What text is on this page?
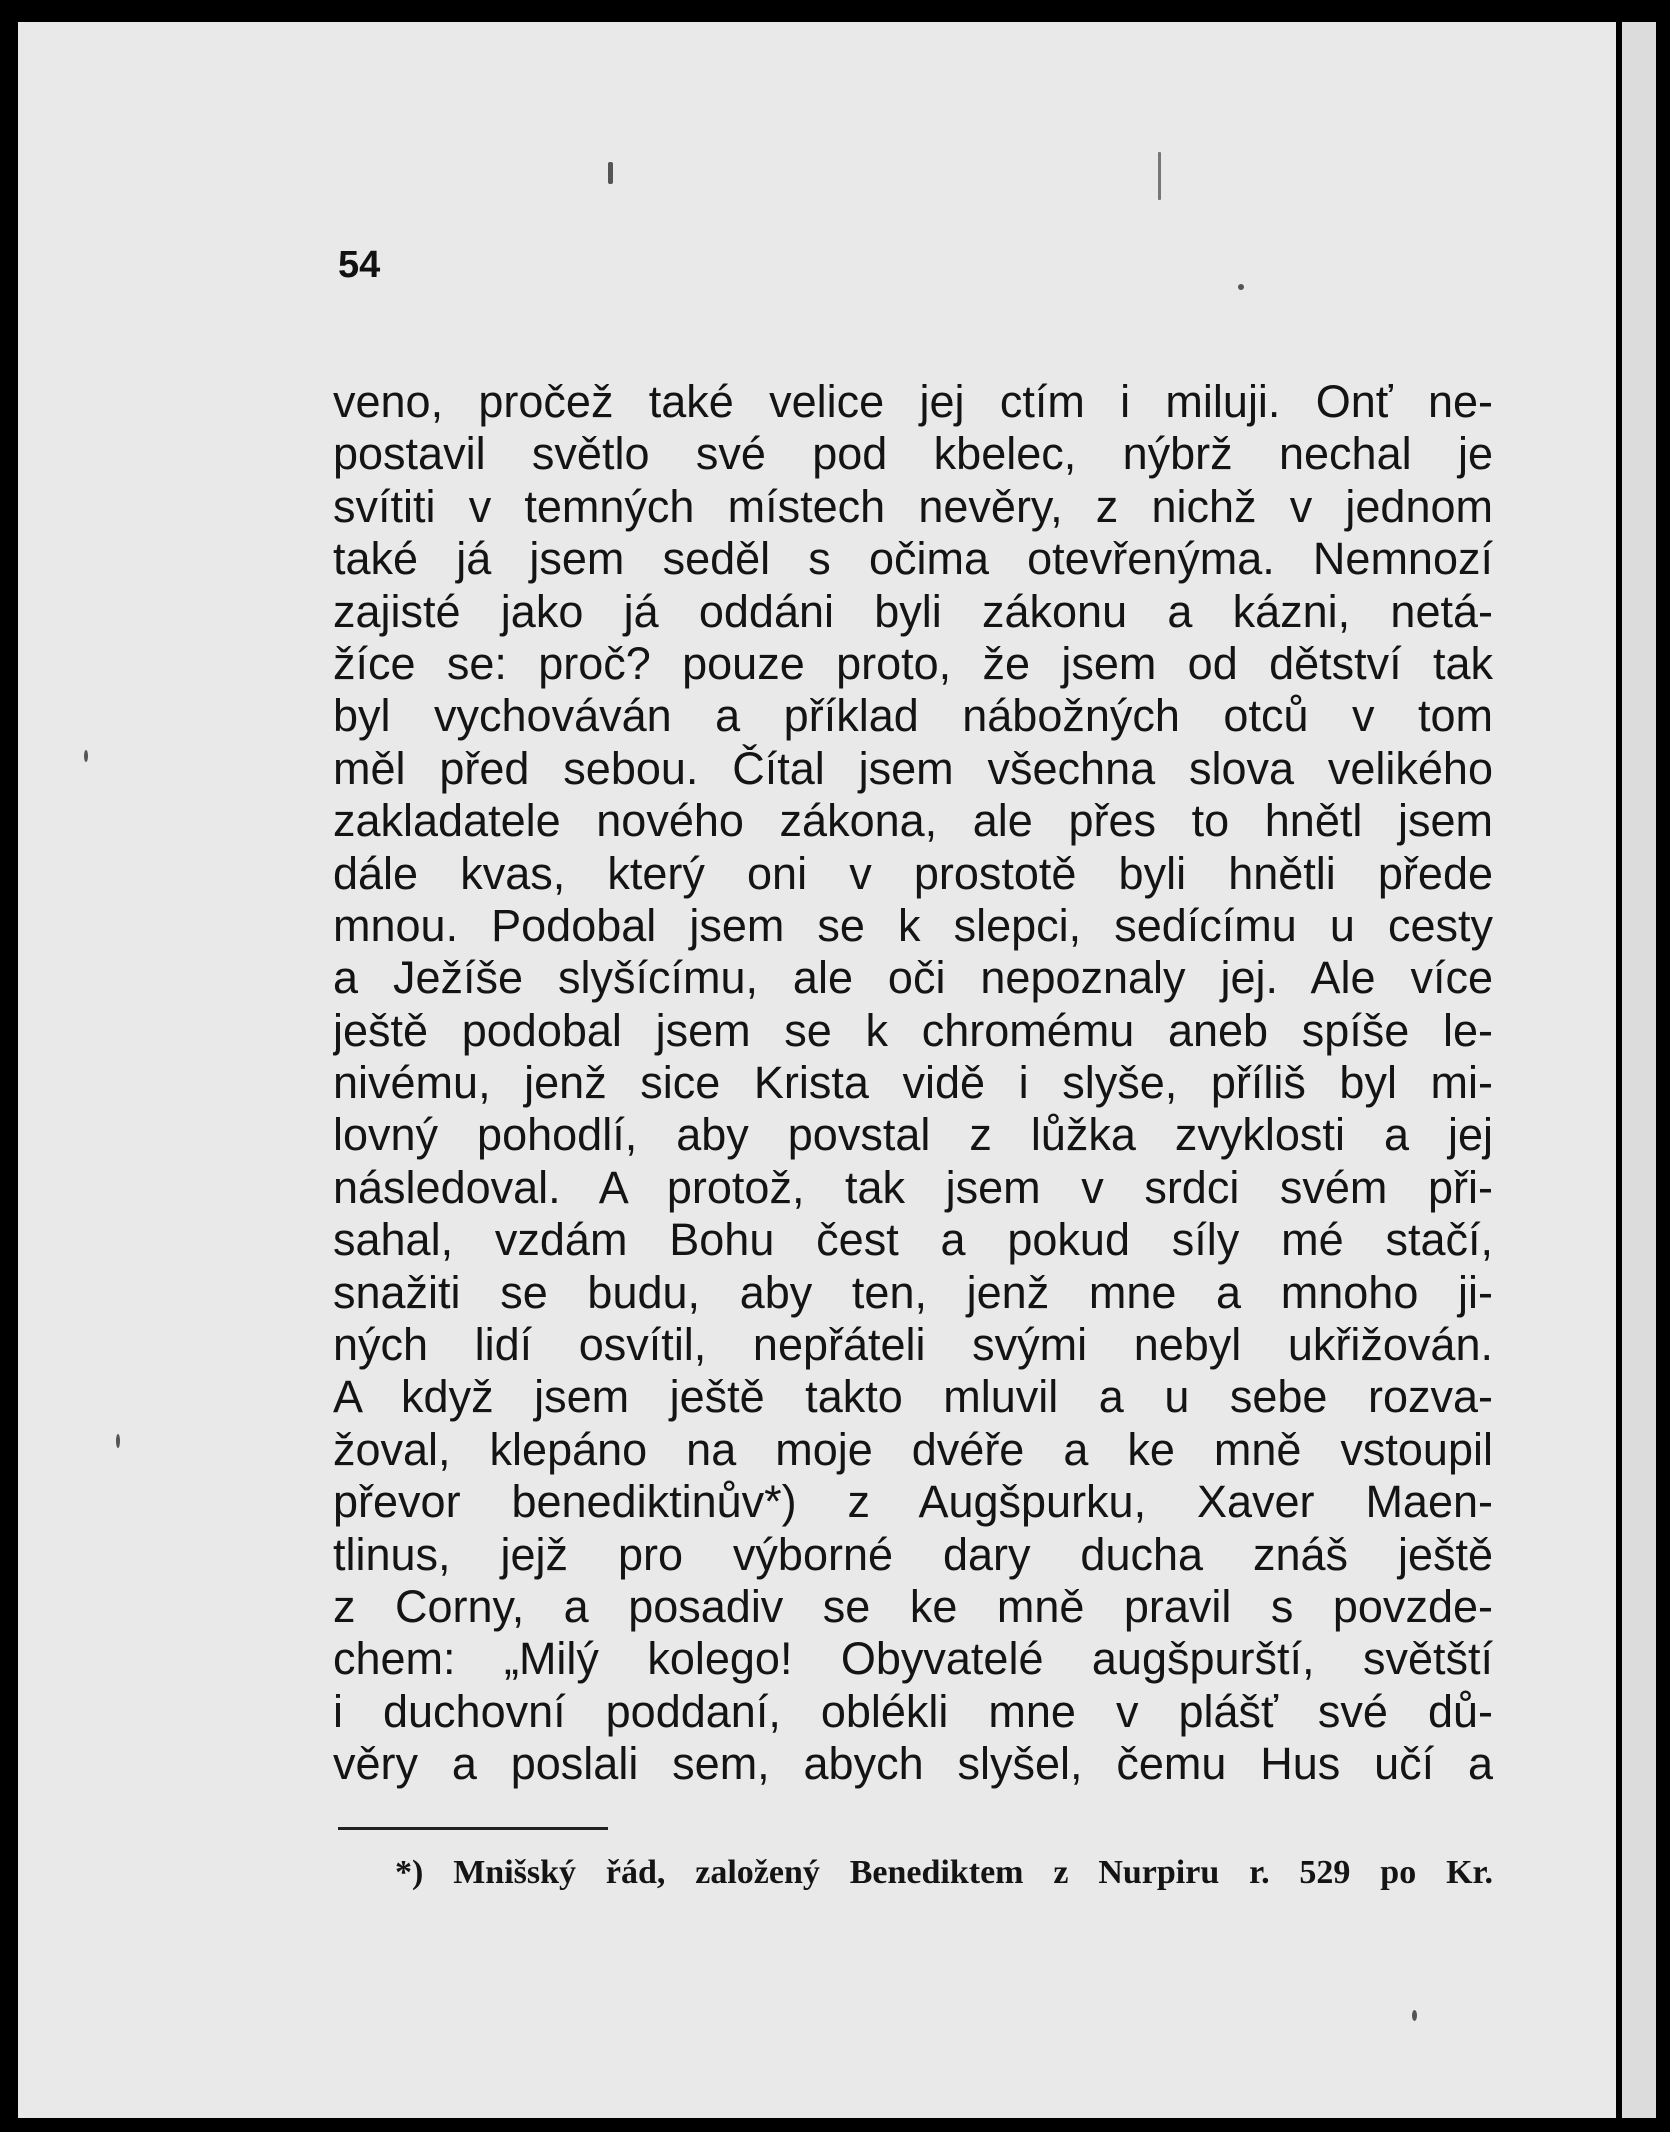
54

veno, pročež také velice jej ctím i miluji. Onť ne-
postavil světlo své pod kbelec, nýbrž nechal je
svítiti v temných místech nevěry, z nichž v jednom
také já jsem seděl s očima otevřenýma. Nemnozí
zajisté jako já oddáni byli zákonu a kázni, netá-
žíce se: proč? pouze proto, že jsem od dětství tak
byl vychováván a příklad nábožných otců v tom
měl před sebou. Čítal jsem všechna slova velikého
zakladatele nového zákona, ale přes to hnětl jsem
dále kvas, který oni v prostotě byli hnětli přede
mnou. Podobal jsem se k slepci, sedícímu u cesty
a Ježíše slyšícímu, ale oči nepoznaly jej. Ale více
ještě podobal jsem se k chromému aneb spíše le-
nivému, jenž sice Krista vidě i slyše, příliš byl mi-
lovný pohodlí, aby povstal z lůžka zvyklosti a jej
následoval. A protož, tak jsem v srdci svém při-
sahal, vzdám Bohu čest a pokud síly mé stačí,
snažiti se budu, aby ten, jenž mne a mnoho ji-
ných lidí osvítil, nepřáteli svými nebyl ukřižován.
A když jsem ještě takto mluvil a u sebe rozva-
žoval, klepáno na moje dvéře a ke mně vstoupil
převor benediktinův*) z Augšpurku, Xaver Maen-
tlinus, jejž pro výborné dary ducha znáš ještě
z Corny, a posadiv se ke mně pravil s povzde-
chem: „Milý kolego! Obyvatelé augšpurští, světští
i duchovní poddaní, oblékli mne v plášť své dů-
věry a poslali sem, abych slyšel, čemu Hus učí a

*) Mnišský řád, založený Benediktem z Nurpiru r. 529 po Kr.
